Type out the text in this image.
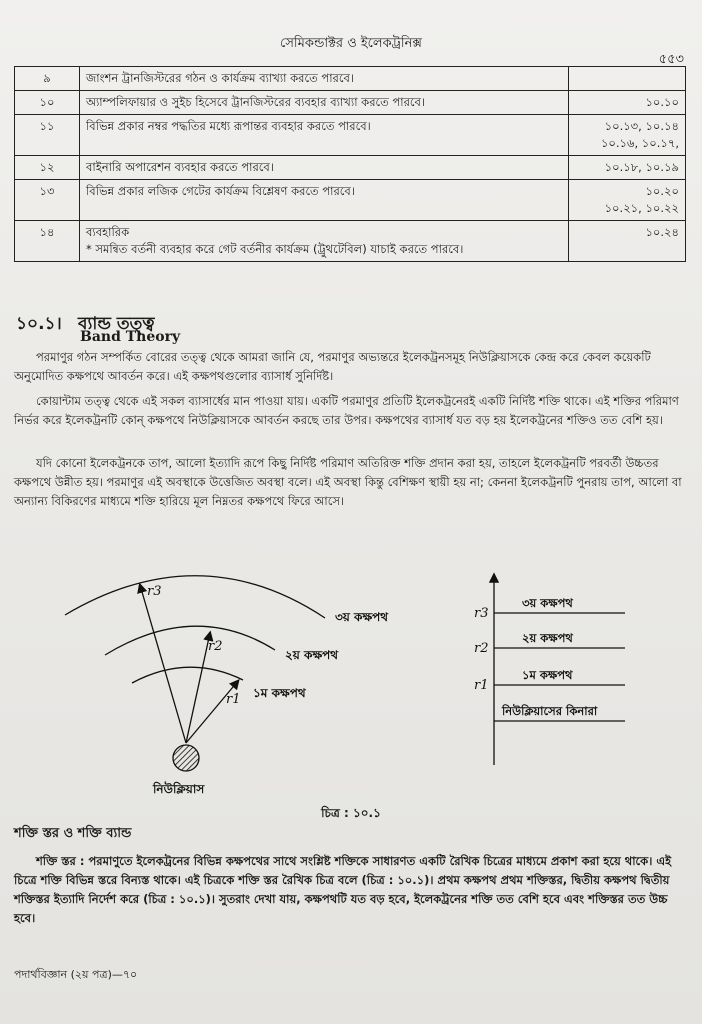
সেমিকন্ডাক্টর ও ইলেকট্রনিক্স
৫৫৩
৯	জাংশন ট্রানজিস্টরের গঠন ও কার্যক্রম ব্যাখ্যা করতে পারবে।	
১০	অ্যাম্পলিফায়ার ও সুইচ হিসেবে ট্রানজিস্টরের ব্যবহার ব্যাখ্যা করতে পারবে।	১০.১০
১১	বিভিন্ন প্রকার নম্বর পদ্ধতির মধ্যে রূপান্তর ব্যবহার করতে পারবে।	১০.১৩, ১০.১৪
১০.১৬, ১০.১৭,
১২	বাইনারি অপারেশন ব্যবহার করতে পারবে।	১০.১৮, ১০.১৯
১৩	বিভিন্ন প্রকার লজিক গেটের কার্যক্রম বিশ্লেষণ করতে পারবে।	১০.২০
১০.২১, ১০.২২
১৪	ব্যবহারিক
* সমন্বিত বর্তনী ব্যবহার করে গেট বর্তনীর কার্যক্রম (ট্রুথটেবিল) যাচাই করতে পারবে।	১০.২৪
১০.১। ব্যান্ড তত্ত্ব
Band Theory

পরমাণুর গঠন সম্পর্কিত বোরের তত্ত্ব থেকে আমরা জানি যে, পরমাণুর অভ্যন্তরে ইলেকট্রনসমূহ নিউক্লিয়াসকে কেন্দ্র করে কেবল কয়েকটি অনুমোদিত কক্ষপথে আবর্তন করে। এই কক্ষপথগুলোর ব্যাসার্ধ সুনির্দিষ্ট।

কোয়ান্টাম তত্ত্ব থেকে এই সকল ব্যাসার্ধের মান পাওয়া যায়। একটি পরমাণুর প্রতিটি ইলেকট্রনেরই একটি নির্দিষ্ট শক্তি থাকে। এই শক্তির পরিমাণ নির্ভর করে ইলেকট্রনটি কোন্ কক্ষপথে নিউক্লিয়াসকে আবর্তন করছে তার উপর। কক্ষপথের ব্যাসার্ধ যত বড় হয় ইলেকট্রনের শক্তিও তত বেশি হয়।

যদি কোনো ইলেকট্রনকে তাপ, আলো ইত্যাদি রূপে কিছু নির্দিষ্ট পরিমাণ অতিরিক্ত শক্তি প্রদান করা হয়, তাহলে ইলেকট্রনটি পরবর্তী উচ্চতর কক্ষপথে উন্নীত হয়। পরমাণুর এই অবস্থাকে উত্তেজিত অবস্থা বলে। এই অবস্থা কিন্তু বেশিক্ষণ স্থায়ী হয় না; কেননা ইলেকট্রনটি পুনরায় তাপ, আলো বা অন্যান্য বিকিরণের মাধ্যমে শক্তি হারিয়ে মূল নিম্নতর কক্ষপথে ফিরে আসে।

r3
r2
r1
৩য় কক্ষপথ
২য় কক্ষপথ
১ম কক্ষপথ
নিউক্লিয়াস
৩য় কক্ষপথ
২য় কক্ষপথ
১ম কক্ষপথ
নিউক্লিয়াসের কিনারা
r3
r2
r1
চিত্র : ১০.১
শক্তি স্তর ও শক্তি ব্যান্ড

শক্তি স্তর : পরমাণুতে ইলেকট্রনের বিভিন্ন কক্ষপথের সাথে সংশ্লিষ্ট শক্তিকে সাধারণত একটি রৈখিক চিত্রের মাধ্যমে প্রকাশ করা হয়ে থাকে। এই চিত্রে শক্তি বিভিন্ন স্তরে বিন্যস্ত থাকে। এই চিত্রকে শক্তি স্তর রৈখিক চিত্র বলে (চিত্র : ১০.১)। প্রথম কক্ষপথ প্রথম শক্তিস্তর, দ্বিতীয় কক্ষপথ দ্বিতীয় শক্তিস্তর ইত্যাদি নির্দেশ করে (চিত্র : ১০.১)। সুতরাং দেখা যায়, কক্ষপথটি যত বড় হবে, ইলেকট্রনের শক্তি তত বেশি হবে এবং শক্তিস্তর তত উচ্চ হবে।

পদার্থবিজ্ঞান (২য় পত্র)—৭০
